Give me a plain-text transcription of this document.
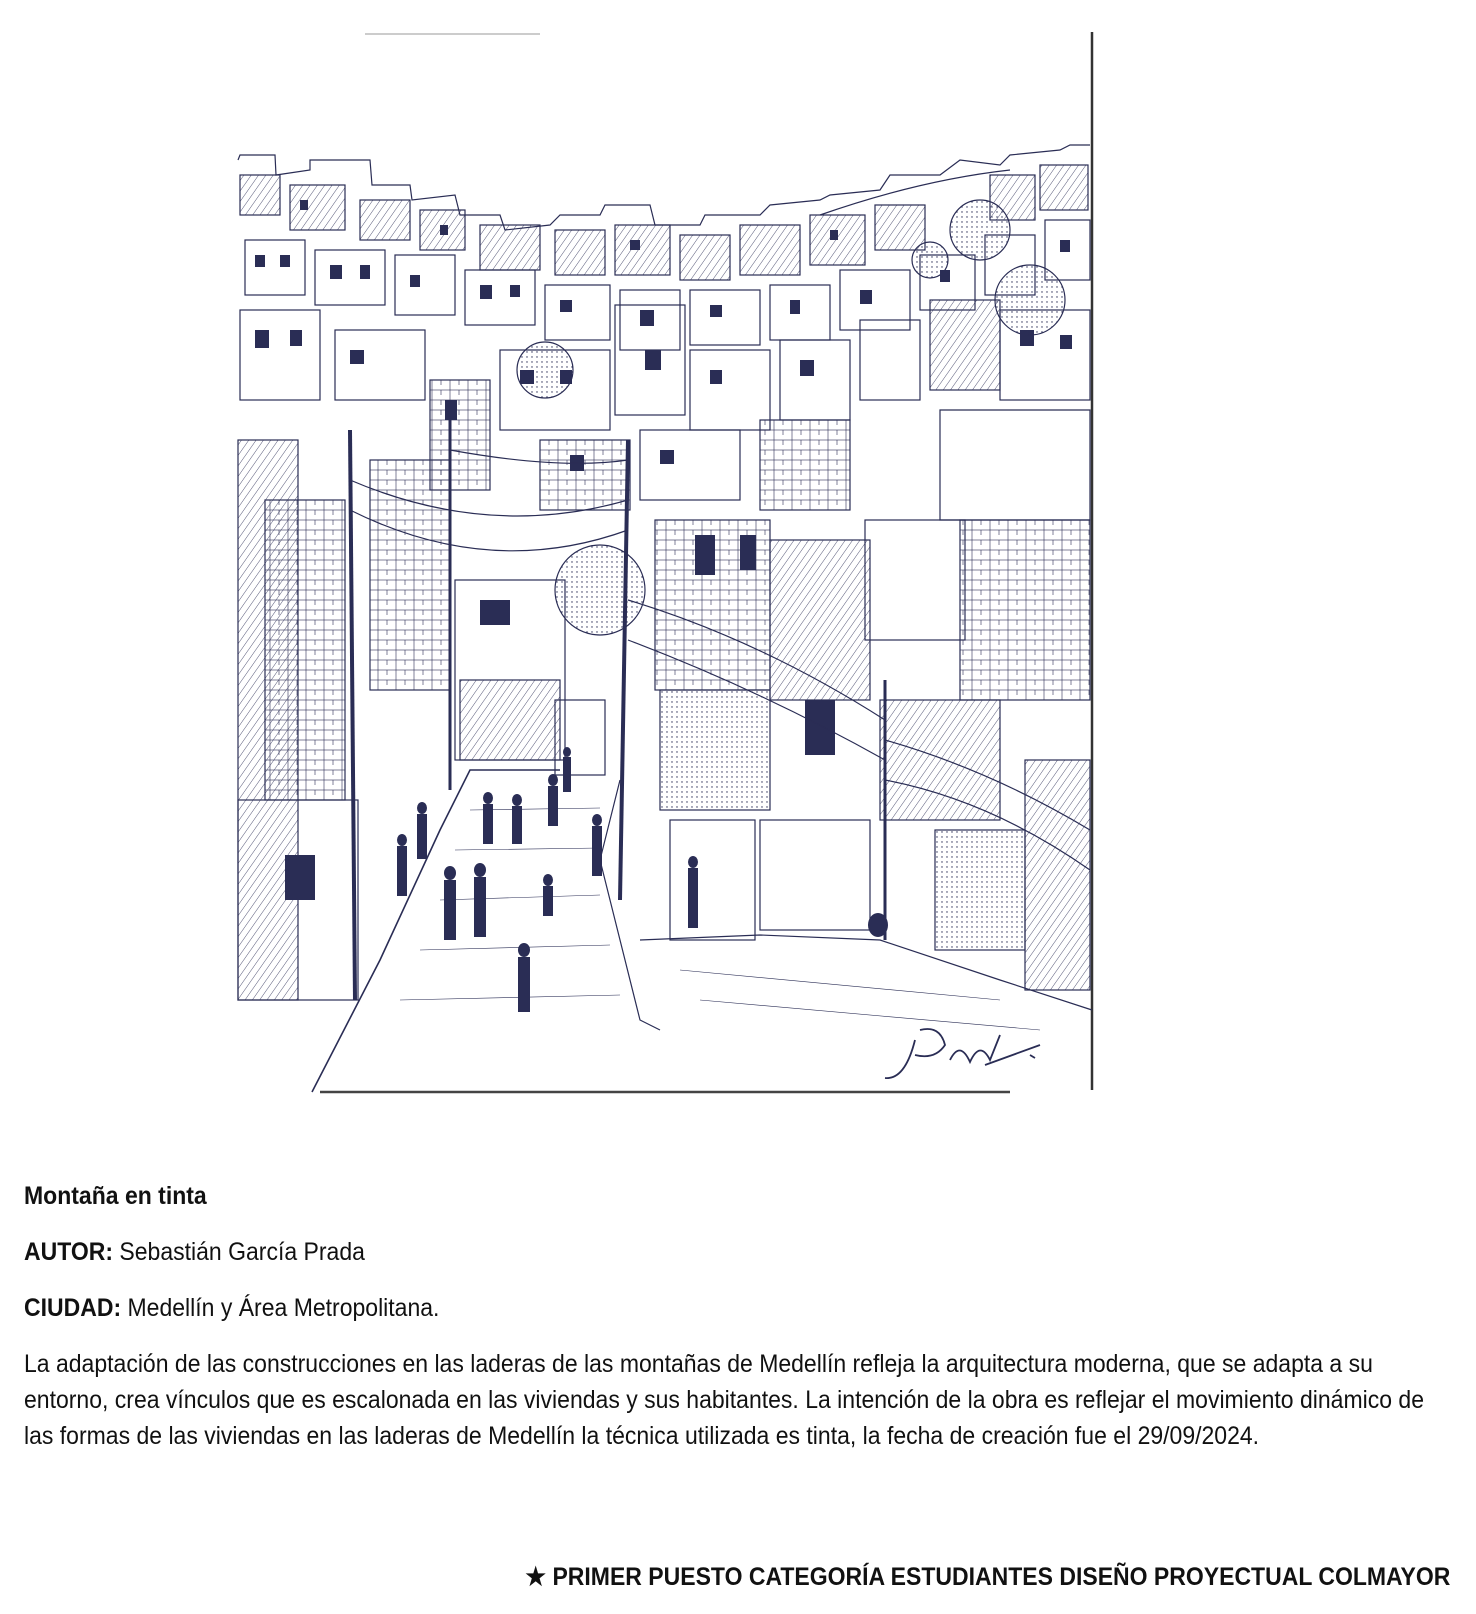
Montaña en tinta

AUTOR: Sebastián García Prada

CIUDAD: Medellín y Área Metropolitana.

La adaptación de las construcciones en las laderas de las montañas de Medellín refleja la arquitectura moderna, que se adapta a su entorno, crea vínculos que es escalonada en las viviendas y sus habitantes. La intención de la obra es reflejar el movimiento dinámico de las formas de las viviendas en las laderas de Medellín la técnica utilizada es tinta, la fecha de creación fue el 29/09/2024.

★ PRIMER PUESTO CATEGORÍA ESTUDIANTES DISEÑO PROYECTUAL COLMAYOR
